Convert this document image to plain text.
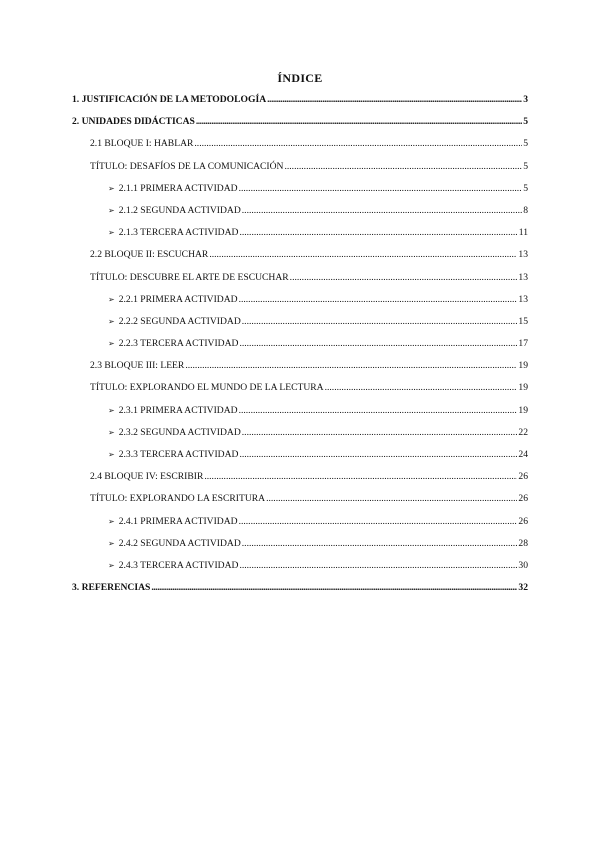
ÍNDICE
1. JUSTIFICACIÓN DE LA METODOLOGÍA .....	3
2. UNIDADES DIDÁCTICAS .....	5
2.1 BLOQUE I: HABLAR .....	5
TÍTULO: DESAFÍOS DE LA COMUNICACIÓN .....	5
➢ 2.1.1 PRIMERA ACTIVIDAD .....	5
➢ 2.1.2 SEGUNDA ACTIVIDAD .....	8
➢ 2.1.3 TERCERA ACTIVIDAD .....	11
2.2 BLOQUE II: ESCUCHAR .....	13
TÍTULO: DESCUBRE EL ARTE DE ESCUCHAR .....	13
➢ 2.2.1 PRIMERA ACTIVIDAD .....	13
➢ 2.2.2 SEGUNDA ACTIVIDAD .....	15
➢ 2.2.3 TERCERA ACTIVIDAD .....	17
2.3 BLOQUE III: LEER .....	19
TÍTULO: EXPLORANDO EL MUNDO DE LA LECTURA .....	19
➢ 2.3.1 PRIMERA ACTIVIDAD .....	19
➢ 2.3.2 SEGUNDA ACTIVIDAD .....	22
➢ 2.3.3 TERCERA ACTIVIDAD .....	24
2.4 BLOQUE IV: ESCRIBIR .....	26
TÍTULO: EXPLORANDO LA ESCRITURA .....	26
➢ 2.4.1 PRIMERA ACTIVIDAD .....	26
➢ 2.4.2 SEGUNDA ACTIVIDAD .....	28
➢ 2.4.3 TERCERA ACTIVIDAD .....	30
3. REFERENCIAS .....	32
